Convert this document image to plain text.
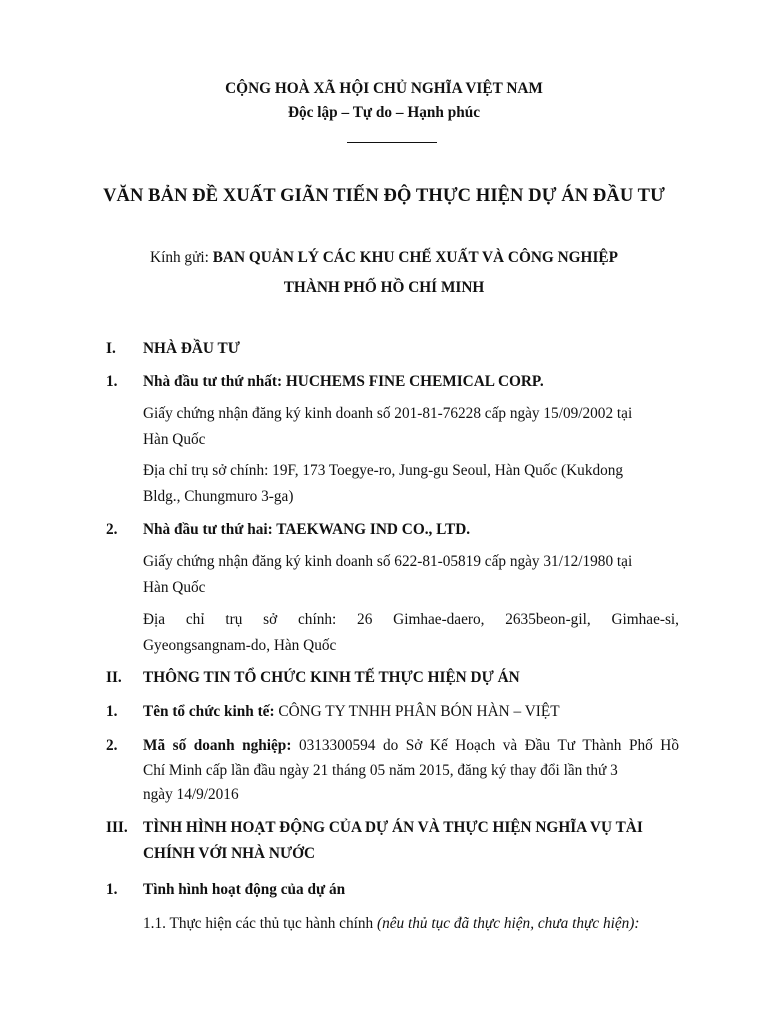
CỘNG HOÀ XÃ HỘI CHỦ NGHĨA VIỆT NAM
Độc lập – Tự do – Hạnh phúc
VĂN BẢN ĐỀ XUẤT GIÃN TIẾN ĐỘ THỰC HIỆN DỰ ÁN ĐẦU TƯ
Kính gửi: BAN QUẢN LÝ CÁC KHU CHẾ XUẤT VÀ CÔNG NGHIỆP
THÀNH PHỐ HỒ CHÍ MINH
I. NHÀ ĐẦU TƯ
1. Nhà đầu tư thứ nhất: HUCHEMS FINE CHEMICAL CORP.
Giấy chứng nhận đăng ký kinh doanh số 201-81-76228 cấp ngày 15/09/2002 tại
Hàn Quốc
Địa chỉ trụ sở chính: 19F, 173 Toegye-ro, Jung-gu Seoul, Hàn Quốc (Kukdong
Bldg., Chungmuro 3-ga)
2. Nhà đầu tư thứ hai: TAEKWANG IND CO., LTD.
Giấy chứng nhận đăng ký kinh doanh số 622-81-05819 cấp ngày 31/12/1980 tại
Hàn Quốc
Địa chỉ trụ sở chính: 26 Gimhae-daero, 2635beon-gil, Gimhae-si,
Gyeongsangnam-do, Hàn Quốc
II. THÔNG TIN TỔ CHỨC KINH TẾ THỰC HIỆN DỰ ÁN
1. Tên tổ chức kinh tế: CÔNG TY TNHH PHÂN BÓN HÀN – VIỆT
2. Mã số doanh nghiệp: 0313300594 do Sở Kế Hoạch và Đầu Tư Thành Phố Hồ
Chí Minh cấp lần đầu ngày 21 tháng 05 năm 2015, đăng ký thay đổi lần thứ 3
ngày 14/9/2016
III. TÌNH HÌNH HOẠT ĐỘNG CỦA DỰ ÁN VÀ THỰC HIỆN NGHĨA VỤ TÀI
CHÍNH VỚI NHÀ NƯỚC
1. Tình hình hoạt động của dự án
1.1. Thực hiện các thủ tục hành chính (nêu thủ tục đã thực hiện, chưa thực hiện):
